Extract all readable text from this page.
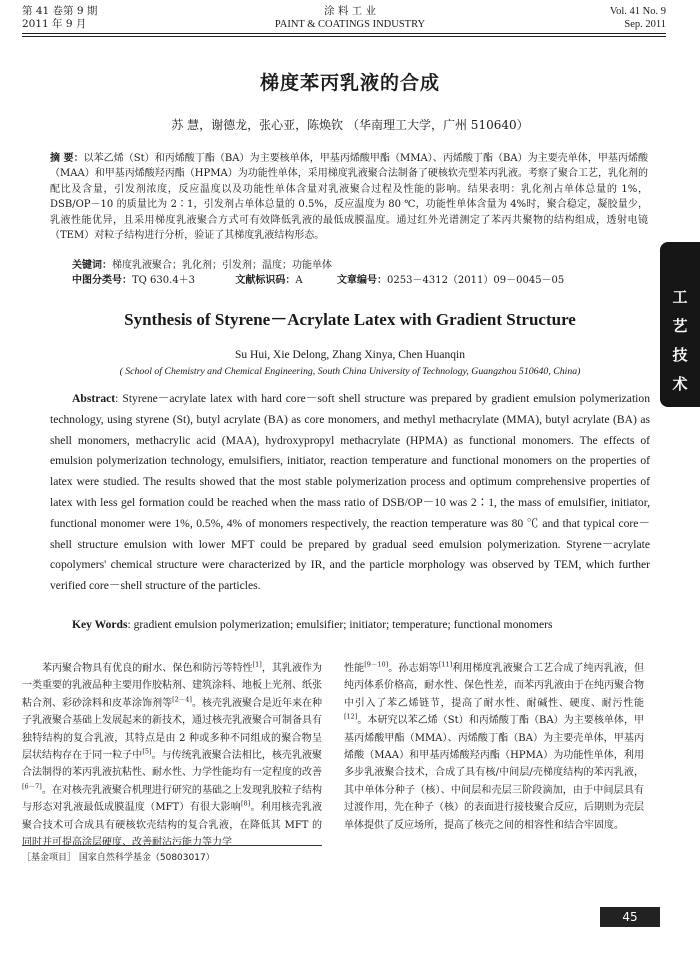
第 41 卷第 9 期
2011 年 9 月
涂 料 工 业
PAINT & COATINGS INDUSTRY
Vol. 41 No. 9
Sep. 2011
梯度苯丙乳液的合成
苏 慧，谢德龙，张心亚，陈焕钦 （华南理工大学，广州 510640）
摘 要：以苯乙烯（St）和丙烯酸丁酯（BA）为主要核单体，甲基丙烯酸甲酯（MMA）、丙烯酸丁酯（BA）为主要壳单体，甲基丙烯酸（MAA）和甲基丙烯酸羟丙酯（HPMA）为功能性单体，采用梯度乳液聚合法制备了硬核软壳型苯丙乳液。考察了聚合工艺，乳化剂的配比及含量，引发剂浓度，反应温度以及功能性单体含量对乳液聚合过程及性能的影响。结果表明：乳化剂占单体总量的 1%，DSB/OP－10 的质量比为 2∶1，引发剂占单体总量的 0.5%，反应温度为 80 ℃，功能性单体含量为 4%时，聚合稳定，凝胶量少，乳液性能优异，且采用梯度乳液聚合方式可有效降低乳液的最低成膜温度。通过红外光谱测定了苯丙共聚物的结构组成，透射电镜（TEM）对粒子结构进行分析，验证了其梯度乳液结构形态。
关键词：梯度乳液聚合；乳化剂；引发剂；温度；功能单体
中图分类号：TQ 630.4＋3	文献标识码：A	文章编号：0253－4312（2011）09－0045－05
Synthesis of Styrene－Acrylate Latex with Gradient Structure
Su Hui, Xie Delong, Zhang Xinya, Chen Huanqin
( School of Chemistry and Chemical Engineering, South China University of Technology, Guangzhou 510640, China)
Abstract: Styrene－acrylate latex with hard core－soft shell structure was prepared by gradient emulsion polymerization technology, using styrene (St), butyl acrylate (BA) as core monomers, and methyl methacrylate (MMA), butyl acrylate (BA) as shell monomers, methacrylic acid (MAA), hydroxypropyl methacrylate (HPMA) as functional monomers. The effects of emulsion polymerization technology, emulsifiers, initiator, reaction temperature and functional monomers on the properties of latex were studied. The results showed that the most stable polymerization process and optimum comprehensive properties of latex with less gel formation could be reached when the mass ratio of DSB/OP－10 was 2∶1, the mass of emulsifier, initiator, functional monomer were 1%, 0.5%, 4% of monomers respectively, the reaction temperature was 80 ℃ and that typical core－shell structure emulsion with lower MFT could be prepared by gradual seed emulsion polymerization. Styrene－acrylate copolymers' chemical structure were characterized by IR, and the particle morphology was observed by TEM, which further verified core－shell structure of the particles.
Key Words: gradient emulsion polymerization; emulsifier; initiator; temperature; functional monomers
苯丙聚合物具有优良的耐水、保色和防污等特性[1]，其乳液作为一类重要的乳液品种主要用作胶粘剂、建筑涂料、地板上光剂、纸张粘合剂、彩砂涂料和皮革涂饰剂等[2－4]。核壳乳液聚合是近年来在种子乳液聚合基础上发展起来的新技术，通过核壳乳液聚合可制备具有独特结构的复合乳液，其特点是由 2 种或多种不同组成的聚合物呈层状结构存在于同一粒子中[5]。与传统乳液聚合法相比，核壳乳液聚合法制得的苯丙乳液抗粘性、耐水性、力学性能均有一定程度的改善[6－7]。在对核壳乳液聚合机理进行研究的基础之上发现乳胶粒子结构与形态对乳液最低成膜温度（MFT）有很大影响[8]。利用核壳乳液聚合技术可合成具有硬核软壳结构的复合乳液，在降低其 MFT 的同时并可提高涂层硬度、改善耐沾污能力等力学
性能[9－10]。孙志娟等[11]利用梯度乳液聚合工艺合成了纯丙乳液，但纯丙体系价格高，耐水性、保色性差，而苯丙乳液由于在纯丙聚合物中引入了苯乙烯链节，提高了耐水性、耐碱性、硬度、耐污性能[12]。本研究以苯乙烯（St）和丙烯酸丁酯（BA）为主要核单体，甲基丙烯酸甲酯（MMA）、丙烯酸丁酯（BA）为主要壳单体，甲基丙烯酸（MAA）和甲基丙烯酸羟丙酯（HPMA）为功能性单体，利用多步乳液聚合技术，合成了具有核/中间层/壳梯度结构的苯丙乳液，其中单体分种子（核）、中间层和壳层三阶段滴加，由于中间层具有过渡作用，先在种子（核）的表面进行接枝聚合反应，后期则为壳层单体提供了反应场所，提高了核壳之间的相容性和结合牢固度。
［基金项目］ 国家自然科学基金（50803017）
工
艺
技
术
45
